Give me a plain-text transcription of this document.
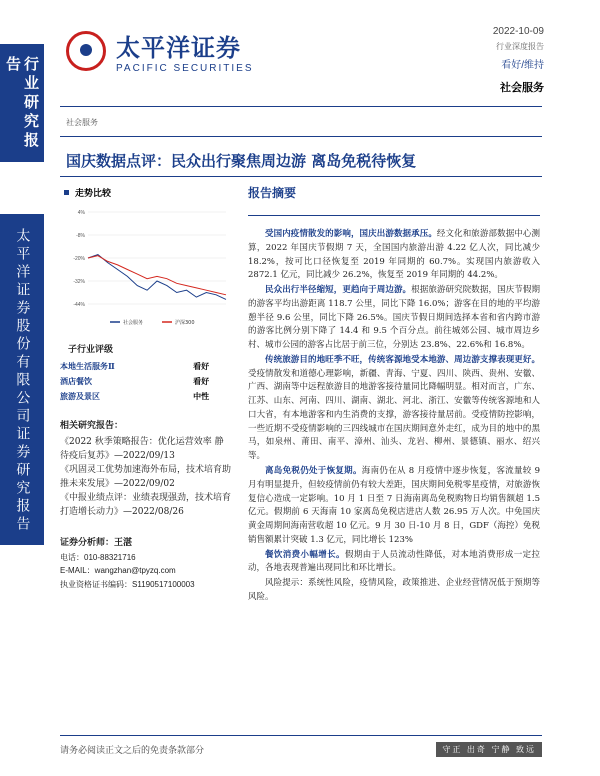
行业研究报告
太平洋证券股份有限公司证券研究报告
太平洋证券
PACIFIC SECURITIES
2022-10-09
行业深度报告
看好/维持
社会服务
社会服务
国庆数据点评：民众出行聚焦周边游 离岛免税待恢复
走势比较
4%
-8%
-20%
-32%
-44%
社会服务	沪深300
子行业评级
本地生活服务Ⅱ	看好
酒店餐饮	看好
旅游及景区	中性
相关研究报告：
《2022 秋季策略报告：优化运营效率 静待疫后复苏》—2022/09/13
《巩固灵工优势加速海外布局，技术培育助推未来发展》—2022/09/02
《中报业绩点评：业绩表现强劲，技术培育打造增长动力》—2022/08/26
证券分析师：王湛
电话：010-88321716
E-MAIL：wangzhan@tpyzq.com
执业资格证书编码：S1190517100003
报告摘要

受国内疫情散发的影响，国庆出游数据承压。经文化和旅游部数据中心测算，2022 年国庆节假期 7 天，全国国内旅游出游 4.22 亿人次，同比减少 18.2%，按可比口径恢复至 2019 年同期的 60.7%。实现国内旅游收入 2872.1 亿元，同比减少 26.2%，恢复至 2019 年同期的 44.2%。

民众出行半径缩短，更趋向于周边游。根据旅游研究院数据，国庆节假期的游客平均出游距离 118.7 公里，同比下降 16.0%；游客在目的地的平均游憩半径 9.6 公里，同比下降 26.5%。国庆节假日期间选择本省和省内跨市游的游客比例分别下降了 14.4 和 9.5 个百分点。前往城郊公园、城市周边乡村、城市公园的游客占比居于前三位，分别达 23.8%、22.6%和 16.8%。

传统旅游目的地旺季不旺，传统客源地受本地游、周边游支撑表现更好。受疫情散发和道德心理影响，新疆、青海、宁夏、四川、陕西、贵州、安徽、广西、湖南等中远程旅游目的地游客接待量同比降幅明显。相对而言，广东、江苏、山东、河南、四川、湖南、湖北、河北、浙江、安徽等传统客源地和人口大省，有本地游客和内生消费的支撑，游客接待量居前。受疫情防控影响，一些近期不受疫情影响的三四线城市在国庆期间意外走红，成为目的地中的黑马，如泉州、莆田、南平、漳州、汕头、龙岩、柳州、景德镇、丽水、绍兴等。

离岛免税仍处于恢复期。海南仍在从 8 月疫情中逐步恢复，客流量较 9 月有明显提升，但较疫情前仍有较大差距，国庆期间免税零星疫情，对旅游恢复信心造成一定影响。10 月 1 日至 7 日海南离岛免税购物日均销售额超 1.5 亿元。假期前 6 天海南 10 家离岛免税店进店人数 26.95 万人次。中免国庆黄金周期间海南营收超 10 亿元。9 月 30 日-10 月 8 日，GDF（海控）免税销售额累计突破 1.3 亿元，同比增长 123%

餐饮消费小幅增长。假期由于人员流动性降低，对本地消费形成一定拉动，各地表现普遍出现同比和环比增长。

风险提示：系统性风险，疫情风险，政策推进、企业经营情况低于预期等风险。

请务必阅读正文之后的免责条款部分	守正 出奇 宁静 致远
